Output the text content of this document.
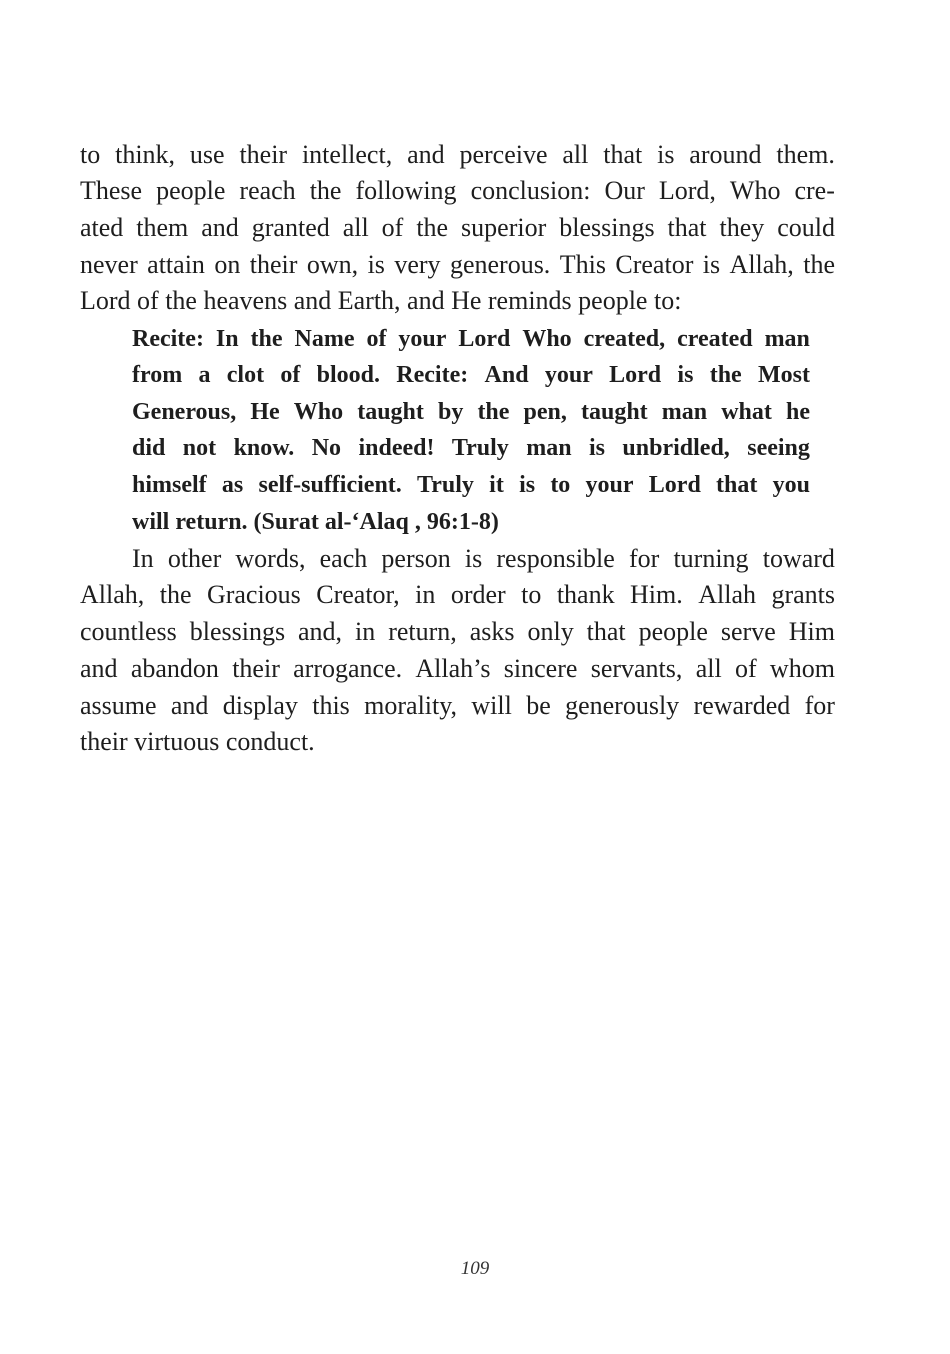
to think, use their intellect, and perceive all that is around them.
These people reach the following conclusion: Our Lord, Who cre-
ated them and granted all of the superior blessings that they could
never attain on their own, is very generous. This Creator is Allah, the
Lord of the heavens and Earth, and He reminds people to:
Recite: In the Name of your Lord Who created, created man
from a clot of blood. Recite: And your Lord is the Most
Generous, He Who taught by the pen, taught man what he
did not know. No indeed! Truly man is unbridled, seeing
himself as self-sufficient. Truly it is to your Lord that you
will return. (Surat al-‘Alaq , 96:1-8)
In other words, each person is responsible for turning toward
Allah, the Gracious Creator, in order to thank Him. Allah grants
countless blessings and, in return, asks only that people serve Him
and abandon their arrogance. Allah’s sincere servants, all of whom
assume and display this morality, will be generously rewarded for
their virtuous conduct.
109
